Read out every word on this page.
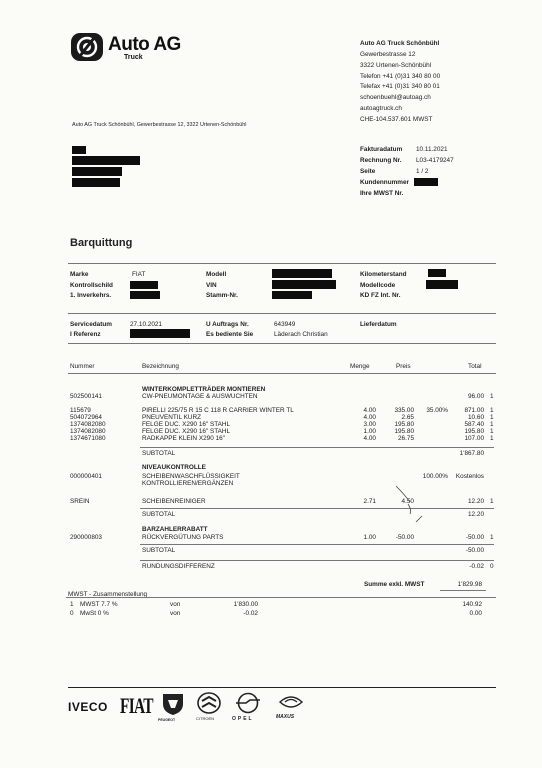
Auto AG
Truck
Auto AG Truck Schönbühl
Gewerbestrasse 12
3322 Urtenen-Schönbühl
Telefon +41 (0)31 340 80 00
Telefax +41 (0)31 340 80 01
schoenbuehl@autoag.ch
autoagtruck.ch
CHE-104.537.601 MWST
Auto AG Truck Schönbühl, Gewerbestrasse 12, 3322 Urtenen-Schönbühl
Fakturadatum 10.11.2021
Rechnung Nr. L03-4179247
Seite	1 / 2
Kundennummer
Ihre MWST Nr.
Barquittung
Marke	FIAT
Kontrollschild
1. Inverkehrs.
Modell
VIN
Stamm-Nr.
Kilometerstand
Modellcode
KD FZ Int. Nr.
Servicedatum	27.10.2021
I Referenz
U Auftrags Nr.	643949
Es bediente Sie	Läderach Christian
Lieferdatum
Nummer	Bezeichnung	Menge	Preis	Total
WINTERKOMPLETTRÄDER MONTIEREN
502500141	CW-PNEUMONTAGE & AUSWUCHTEN	96.00 1
115679	PIRELLI 225/75 R 15 C 118 R CARRIER WINTER TL	4.00	335.00	35.00%	871.00 1
504072964	PNEUVENTIL KURZ	4.00	2.65	10.60 1
1374082080	FELGE DUC. X290 16" STAHL	3.00	195.80	587.40 1
1374082080	FELGE DUC. X290 16" STAHL	1.00	195.80	195.80 1
1374671080	RADKAPPE KLEIN X290 16"	4.00	26.75	107.00 1
SUBTOTAL	1'867.80
NIVEAUKONTROLLE
000000401	SCHEIBENWASCHFLÜSSIGKEIT	100.00%	Kostenlos
KONTROLLIEREN/ERGÄNZEN
SREIN	SCHEIBENREINIGER	2.71	4.50	12.20 1
SUBTOTAL	12.20
BARZAHLERRABATT
290000803	RÜCKVERGÜTUNG PARTS	1.00	-50.00	-50.00 1
SUBTOTAL	-50.00
RUNDUNGSDIFFERENZ	-0.02 0
Summe exkl. MWST	1'829.98
MWST - Zusammenstellung
1 MWST 7.7 %	von	1'830.00	140.92
0 MwSt 0 %	von	-0.02	0.00
IVECO FIAT
PEUGEOT	CITROËN	OPEL	MAXUS
